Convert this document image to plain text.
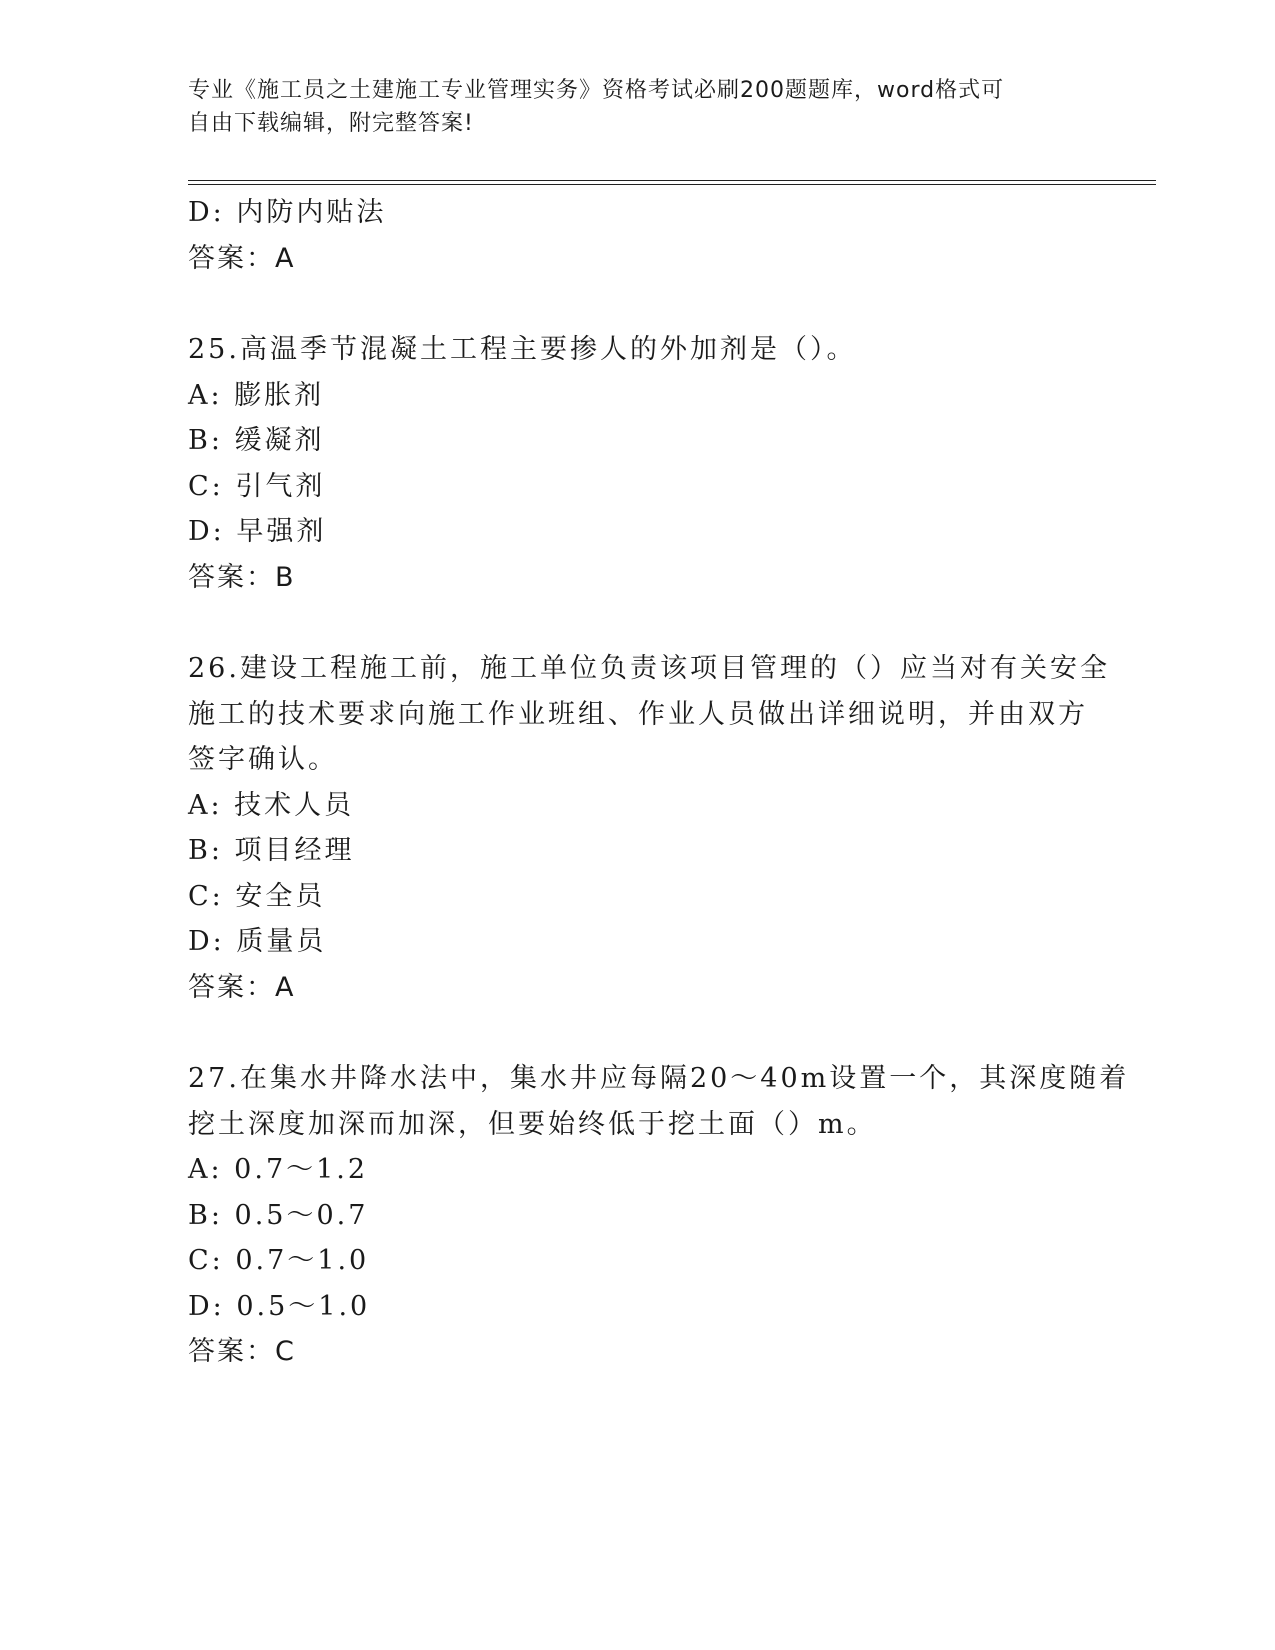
专业《施工员之土建施工专业管理实务》资格考试必刷200题题库，word格式可
自由下载编辑，附完整答案!
D: 内防内贴法
答案：A
25.高温季节混凝土工程主要掺人的外加剂是（）。
A: 膨胀剂
B: 缓凝剂
C: 引气剂
D: 早强剂
答案：B
26.建设工程施工前，施工单位负责该项目管理的（）应当对有关安全
施工的技术要求向施工作业班组、作业人员做出详细说明，并由双方
签字确认。
A: 技术人员
B: 项目经理
C: 安全员
D: 质量员
答案：A
27.在集水井降水法中，集水井应每隔20～40m设置一个，其深度随着
挖土深度加深而加深，但要始终低于挖土面（）m。
A: 0.7～1.2
B: 0.5～0.7
C: 0.7～1.0
D: 0.5～1.0
答案：C
